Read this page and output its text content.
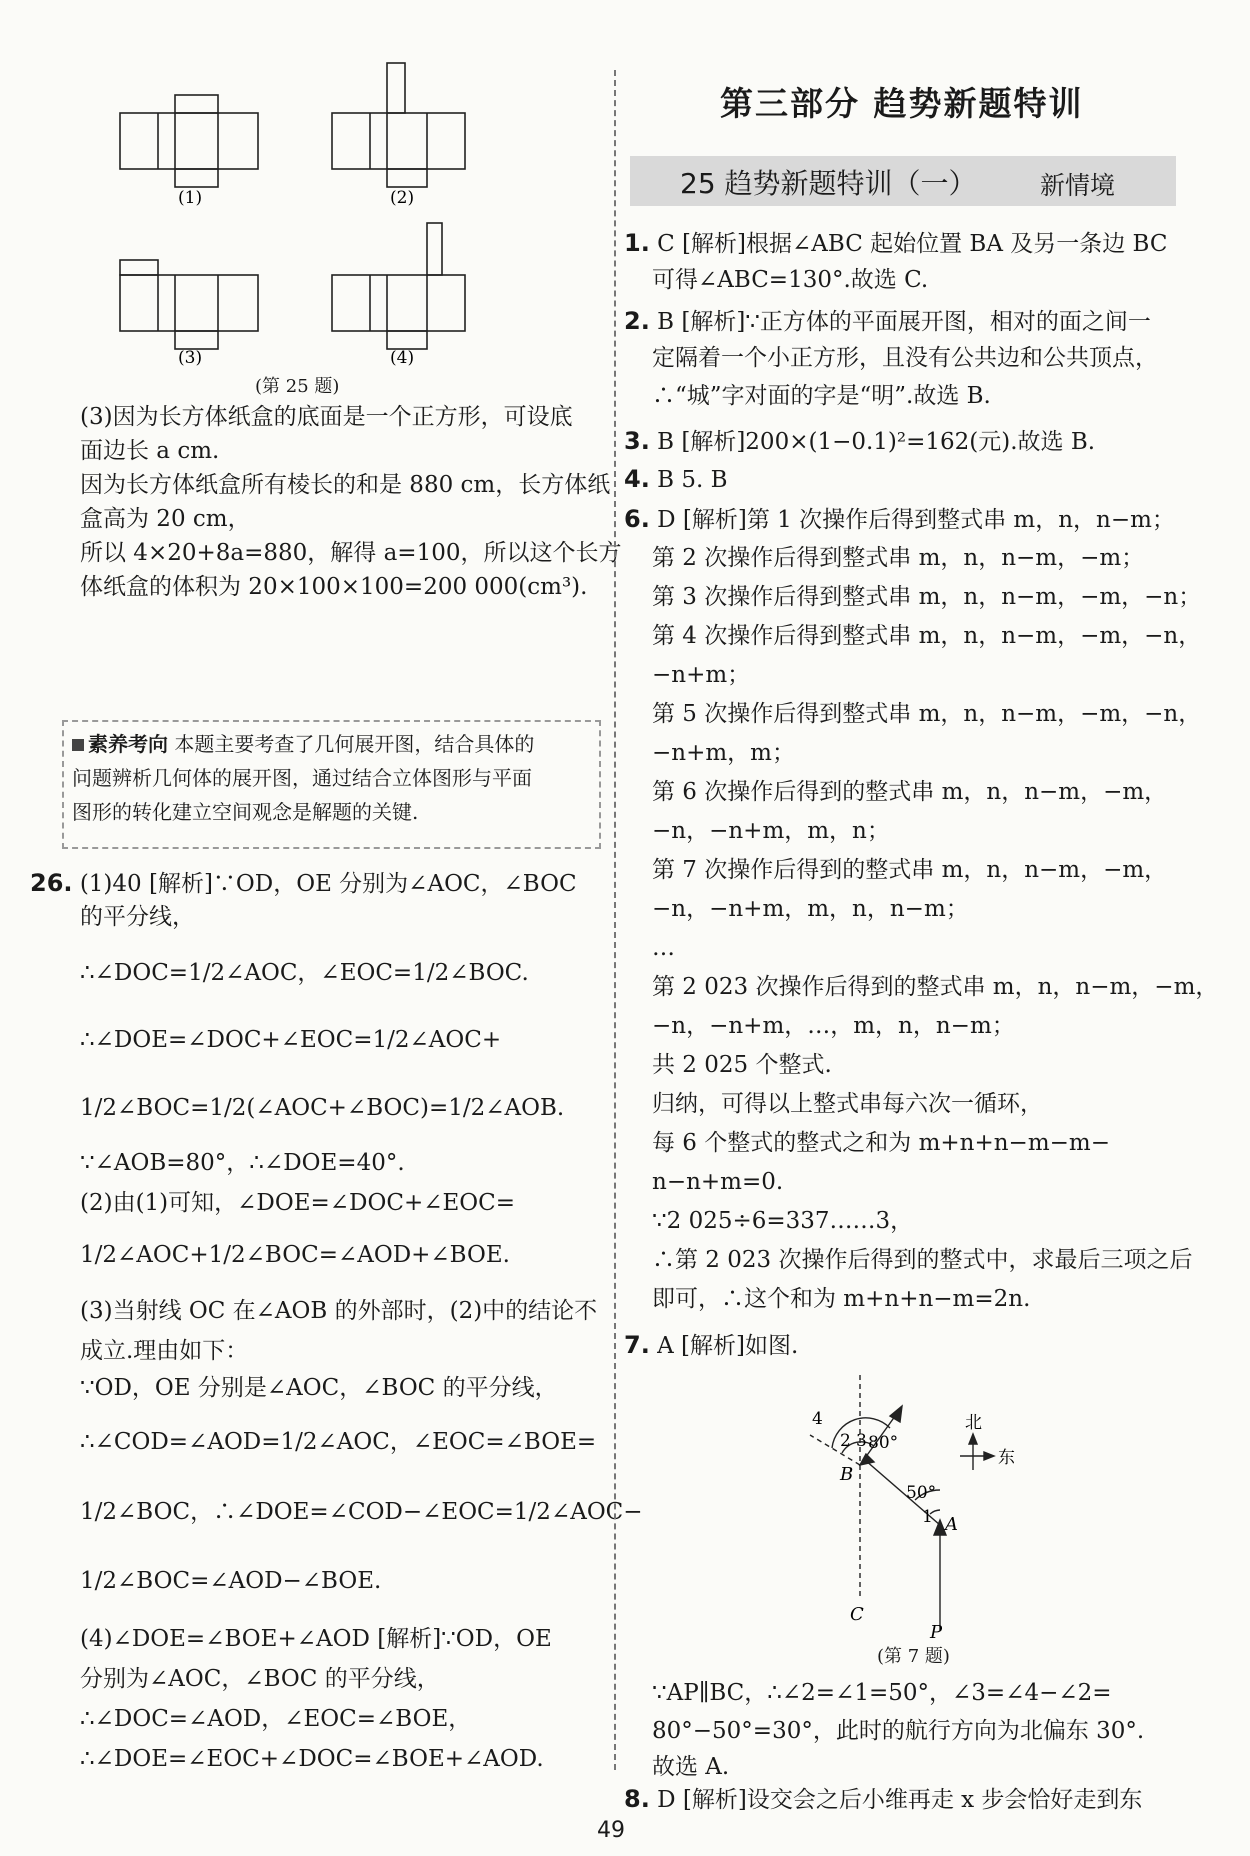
(1)	(2)
(3)	(4)
(第 25 题)
(3)因为长方体纸盒的底面是一个正方形，可设底
面边长 a cm.
因为长方体纸盒所有棱长的和是 880 cm，长方体纸
盒高为 20 cm，
所以 4×20+8a=880，解得 a=100，所以这个长方
体纸盒的体积为 20×100×100=200 000(cm³).
素养考向 本题主要考查了几何展开图，结合具体的
问题辨析几何体的展开图，通过结合立体图形与平面
图形的转化建立空间观念是解题的关键.
26. (1)40 [解析]∵OD，OE 分别为∠AOC，∠BOC
的平分线，
∴∠DOC=1/2∠AOC，∠EOC=1/2∠BOC.
∴∠DOE=∠DOC+∠EOC=1/2∠AOC+
1/2∠BOC=1/2(∠AOC+∠BOC)=1/2∠AOB.
∵∠AOB=80°，∴∠DOE=40°.
(2)由(1)可知，∠DOE=∠DOC+∠EOC=
1/2∠AOC+1/2∠BOC=∠AOD+∠BOE.
(3)当射线 OC 在∠AOB 的外部时，(2)中的结论不
成立.理由如下：
∵OD，OE 分别是∠AOC，∠BOC 的平分线，
∴∠COD=∠AOD=1/2∠AOC，∠EOC=∠BOE=
1/2∠BOC，∴∠DOE=∠COD−∠EOC=1/2∠AOC−
1/2∠BOC=∠AOD−∠BOE.
(4)∠DOE=∠BOE+∠AOD [解析]∵OD，OE
分别为∠AOC，∠BOC 的平分线，
∴∠DOC=∠AOD，∠EOC=∠BOE，
∴∠DOE=∠EOC+∠DOC=∠BOE+∠AOD.
第三部分 趋势新题特训
25 趋势新题特训（一）	新情境
1. C [解析]根据∠ABC 起始位置 BA 及另一条边 BC
可得∠ABC=130°.故选 C.
2. B [解析]∵正方体的平面展开图，相对的面之间一
定隔着一个小正方形，且没有公共边和公共顶点，
∴“城”字对面的字是“明”.故选 B.
3. B [解析]200×(1−0.1)²=162(元).故选 B.
4. B 5. B
6. D [解析]第 1 次操作后得到整式串 m，n，n−m；
第 2 次操作后得到整式串 m，n，n−m，−m；
第 3 次操作后得到整式串 m，n，n−m，−m，−n；
第 4 次操作后得到整式串 m，n，n−m，−m，−n，
−n+m；
第 5 次操作后得到整式串 m，n，n−m，−m，−n，
−n+m，m；
第 6 次操作后得到的整式串 m，n，n−m，−m，
−n，−n+m，m，n；
第 7 次操作后得到的整式串 m，n，n−m，−m，
−n，−n+m，m，n，n−m；
…
第 2 023 次操作后得到的整式串 m，n，n−m，−m，
−n，−n+m，…，m，n，n−m；
共 2 025 个整式.
归纳，可得以上整式串每六次一循环，
每 6 个整式的整式之和为 m+n+n−m−m−
n−n+m=0.
∵2 025÷6=337……3，
∴第 2 023 次操作后得到的整式中，求最后三项之后
即可，∴这个和为 m+n+n−m=2n.
7. A [解析]如图.
北
东
80°
50°
1
2 3
4
A
B
C
P
(第 7 题)
∵AP∥BC，∴∠2=∠1=50°，∠3=∠4−∠2=
80°−50°=30°，此时的航行方向为北偏东 30°.
故选 A.
8. D [解析]设交会之后小维再走 x 步会恰好走到东
49
